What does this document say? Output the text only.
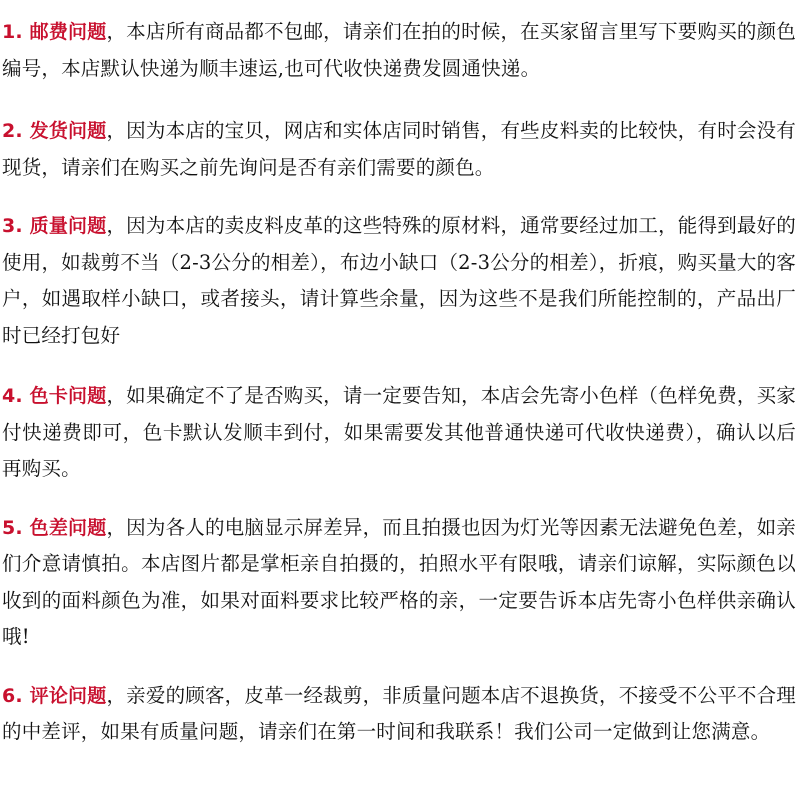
1. 邮费问题，本店所有商品都不包邮，请亲们在拍的时候，在买家留言里写下要购买的颜色编号，本店默认快递为顺丰速运,也可代收快递费发圆通快递。

2. 发货问题，因为本店的宝贝，网店和实体店同时销售，有些皮料卖的比较快，有时会没有现货，请亲们在购买之前先询问是否有亲们需要的颜色。

3. 质量问题，因为本店的卖皮料皮革的这些特殊的原材料，通常要经过加工，能得到最好的使用，如裁剪不当（2-3公分的相差），布边小缺口（2-3公分的相差），折痕，购买量大的客户，如遇取样小缺口，或者接头，请计算些余量，因为这些不是我们所能控制的，产品出厂时已经打包好

4. 色卡问题，如果确定不了是否购买，请一定要告知，本店会先寄小色样（色样免费，买家付快递费即可，色卡默认发顺丰到付，如果需要发其他普通快递可代收快递费），确认以后再购买。

5. 色差问题，因为各人的电脑显示屏差异，而且拍摄也因为灯光等因素无法避免色差，如亲们介意请慎拍。本店图片都是掌柜亲自拍摄的，拍照水平有限哦，请亲们谅解，实际颜色以收到的面料颜色为准，如果对面料要求比较严格的亲，一定要告诉本店先寄小色样供亲确认哦!

6. 评论问题，亲爱的顾客，皮革一经裁剪，非质量问题本店不退换货，不接受不公平不合理的中差评，如果有质量问题，请亲们在第一时间和我联系！我们公司一定做到让您满意。
